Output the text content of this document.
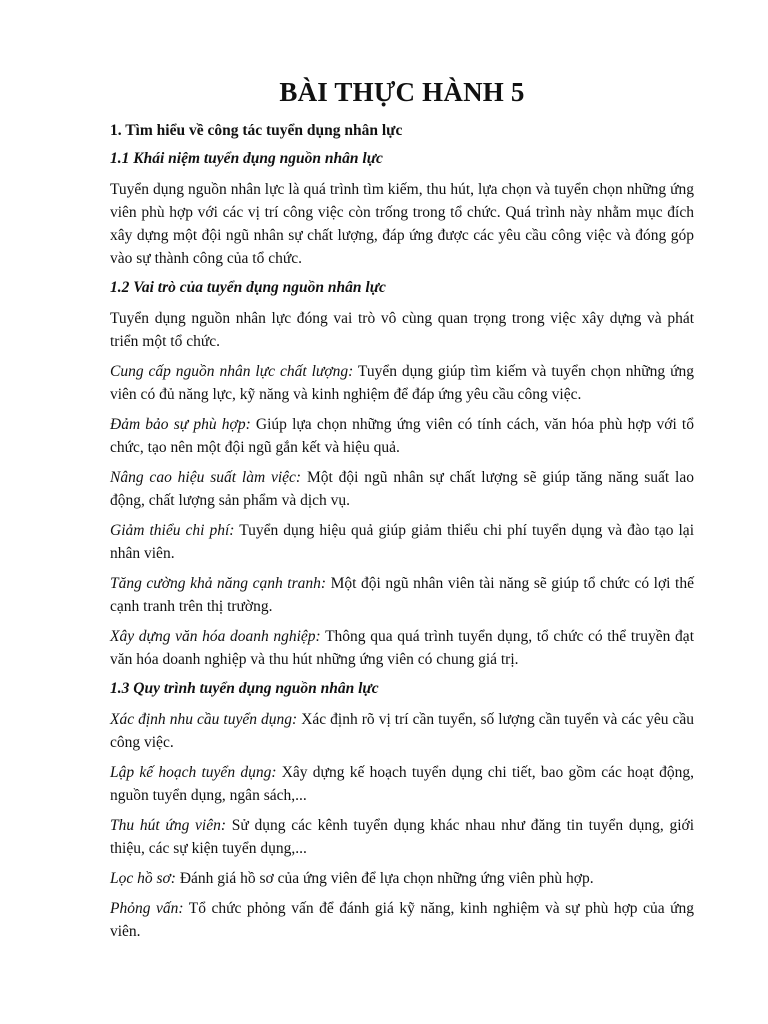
BÀI THỰC HÀNH 5
1. Tìm hiểu về công tác tuyển dụng nhân lực
1.1 Khái niệm tuyển dụng nguồn nhân lực
Tuyển dụng nguồn nhân lực là quá trình tìm kiếm, thu hút, lựa chọn và tuyển chọn những ứng viên phù hợp với các vị trí công việc còn trống trong tổ chức. Quá trình này nhằm mục đích xây dựng một đội ngũ nhân sự chất lượng, đáp ứng được các yêu cầu công việc và đóng góp vào sự thành công của tổ chức.
1.2 Vai trò của tuyển dụng nguồn nhân lực
Tuyển dụng nguồn nhân lực đóng vai trò vô cùng quan trọng trong việc xây dựng và phát triển một tổ chức.
Cung cấp nguồn nhân lực chất lượng: Tuyển dụng giúp tìm kiếm và tuyển chọn những ứng viên có đủ năng lực, kỹ năng và kinh nghiệm để đáp ứng yêu cầu công việc.
Đảm bảo sự phù hợp: Giúp lựa chọn những ứng viên có tính cách, văn hóa phù hợp với tổ chức, tạo nên một đội ngũ gắn kết và hiệu quả.
Nâng cao hiệu suất làm việc: Một đội ngũ nhân sự chất lượng sẽ giúp tăng năng suất lao động, chất lượng sản phẩm và dịch vụ.
Giảm thiểu chi phí: Tuyển dụng hiệu quả giúp giảm thiểu chi phí tuyển dụng và đào tạo lại nhân viên.
Tăng cường khả năng cạnh tranh: Một đội ngũ nhân viên tài năng sẽ giúp tổ chức có lợi thế cạnh tranh trên thị trường.
Xây dựng văn hóa doanh nghiệp: Thông qua quá trình tuyển dụng, tổ chức có thể truyền đạt văn hóa doanh nghiệp và thu hút những ứng viên có chung giá trị.
1.3 Quy trình tuyển dụng nguồn nhân lực
Xác định nhu cầu tuyển dụng: Xác định rõ vị trí cần tuyển, số lượng cần tuyển và các yêu cầu công việc.
Lập kế hoạch tuyển dụng: Xây dựng kế hoạch tuyển dụng chi tiết, bao gồm các hoạt động, nguồn tuyển dụng, ngân sách,...
Thu hút ứng viên: Sử dụng các kênh tuyển dụng khác nhau như đăng tin tuyển dụng, giới thiệu, các sự kiện tuyển dụng,...
Lọc hồ sơ: Đánh giá hồ sơ của ứng viên để lựa chọn những ứng viên phù hợp.
Phỏng vấn: Tổ chức phỏng vấn để đánh giá kỹ năng, kinh nghiệm và sự phù hợp của ứng viên.
